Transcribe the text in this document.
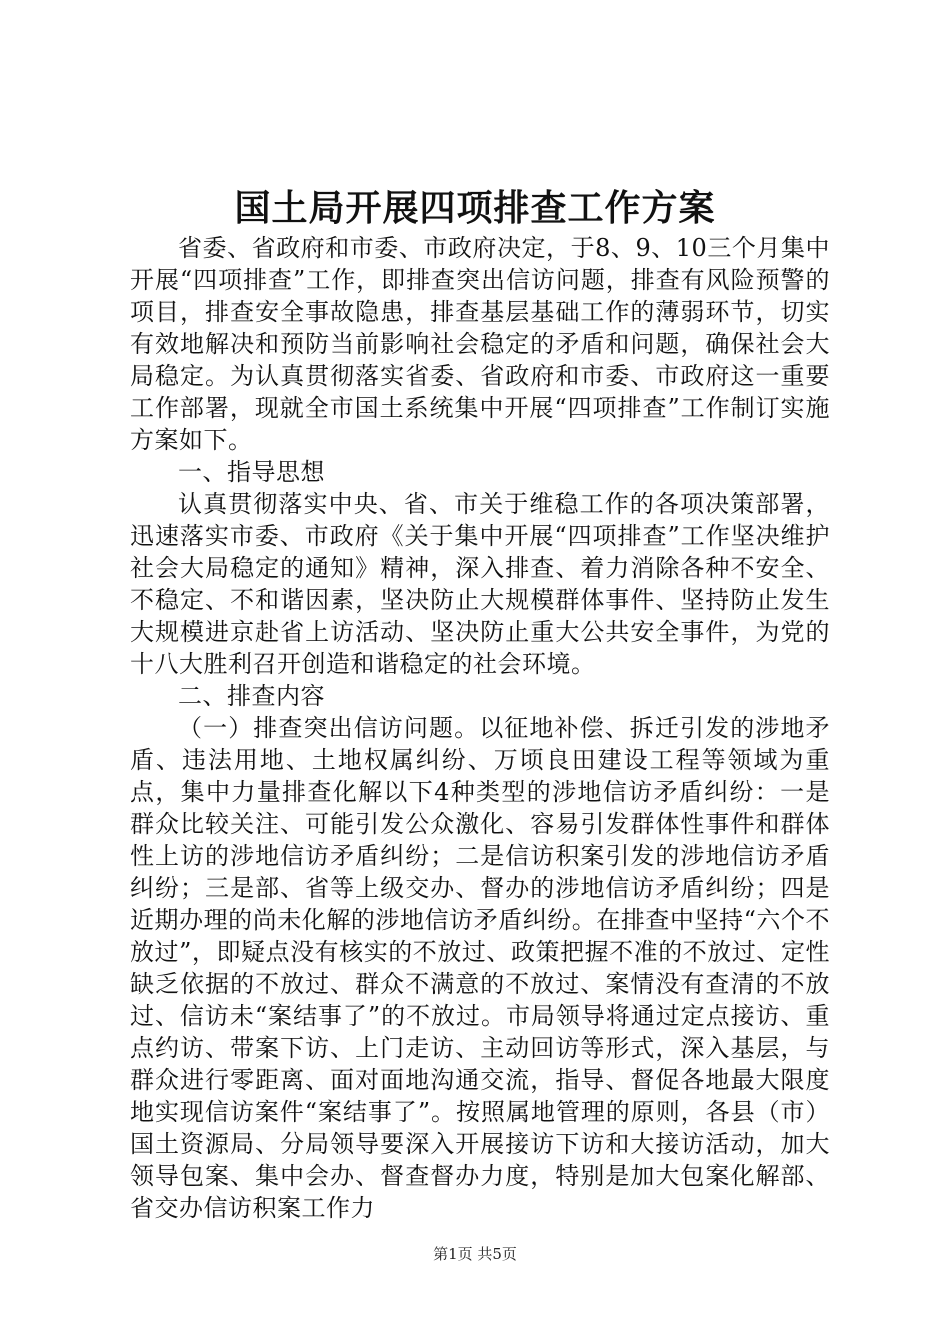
国土局开展四项排查工作方案

省委、省政府和市委、市政府决定，于8、9、10三个月集中开展“四项排查”工作，即排查突出信访问题，排查有风险预警的项目，排查安全事故隐患，排查基层基础工作的薄弱环节，切实有效地解决和预防当前影响社会稳定的矛盾和问题，确保社会大局稳定。为认真贯彻落实省委、省政府和市委、市政府这一重要工作部署，现就全市国土系统集中开展“四项排查”工作制订实施方案如下。

一、指导思想

认真贯彻落实中央、省、市关于维稳工作的各项决策部署，迅速落实市委、市政府《关于集中开展“四项排查”工作坚决维护社会大局稳定的通知》精神，深入排查、着力消除各种不安全、不稳定、不和谐因素，坚决防止大规模群体事件、坚持防止发生大规模进京赴省上访活动、坚决防止重大公共安全事件，为党的十八大胜利召开创造和谐稳定的社会环境。

二、排查内容

（一）排查突出信访问题。以征地补偿、拆迁引发的涉地矛盾、违法用地、土地权属纠纷、万顷良田建设工程等领域为重点，集中力量排查化解以下4种类型的涉地信访矛盾纠纷：一是群众比较关注、可能引发公众激化、容易引发群体性事件和群体性上访的涉地信访矛盾纠纷；二是信访积案引发的涉地信访矛盾纠纷；三是部、省等上级交办、督办的涉地信访矛盾纠纷；四是近期办理的尚未化解的涉地信访矛盾纠纷。在排查中坚持“六个不放过”，即疑点没有核实的不放过、政策把握不准的不放过、定性缺乏依据的不放过、群众不满意的不放过、案情没有查清的不放过、信访未“案结事了”的不放过。市局领导将通过定点接访、重点约访、带案下访、上门走访、主动回访等形式，深入基层，与群众进行零距离、面对面地沟通交流，指导、督促各地最大限度地实现信访案件“案结事了”。按照属地管理的原则，各县（市）国土资源局、分局领导要深入开展接访下访和大接访活动，加大领导包案、集中会办、督查督办力度，特别是加大包案化解部、省交办信访积案工作力

第1页 共5页
